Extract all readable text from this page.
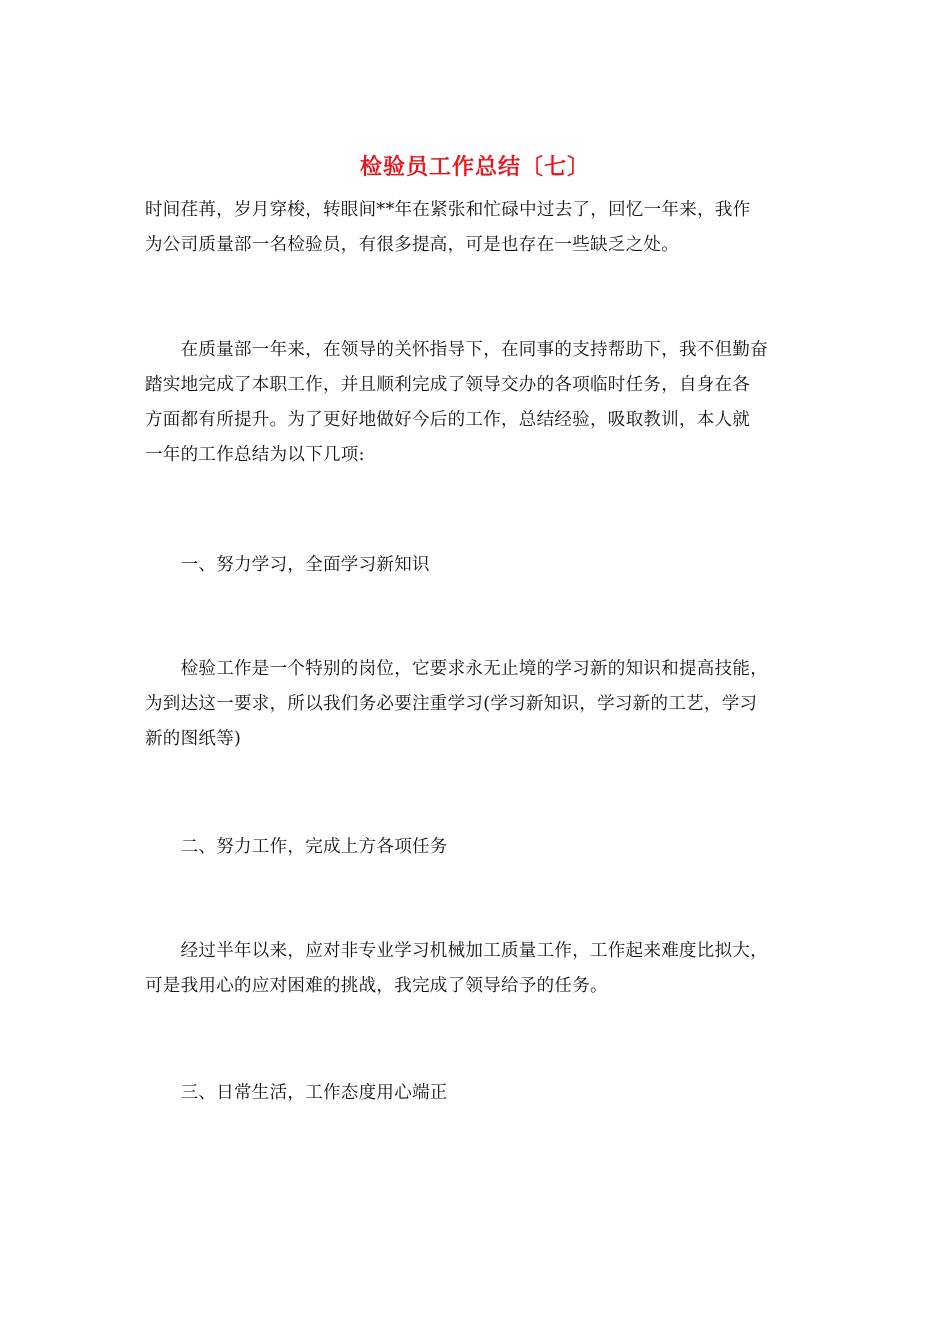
检验员工作总结〔七〕

时间荏苒，岁月穿梭，转眼间**年在紧张和忙碌中过去了，回忆一年来，我作
为公司质量部一名检验员，有很多提高，可是也存在一些缺乏之处。

　　在质量部一年来，在领导的关怀指导下，在同事的支持帮助下，我不但勤奋
踏实地完成了本职工作，并且顺利完成了领导交办的各项临时任务，自身在各
方面都有所提升。为了更好地做好今后的工作，总结经验，吸取教训，本人就
一年的工作总结为以下几项:

　　一、努力学习，全面学习新知识

　　检验工作是一个特别的岗位，它要求永无止境的学习新的知识和提高技能，
为到达这一要求，所以我们务必要注重学习(学习新知识，学习新的工艺，学习
新的图纸等)

　　二、努力工作，完成上方各项任务

　　经过半年以来，应对非专业学习机械加工质量工作，工作起来难度比拟大，
可是我用心的应对困难的挑战，我完成了领导给予的任务。

　　三、日常生活，工作态度用心端正
